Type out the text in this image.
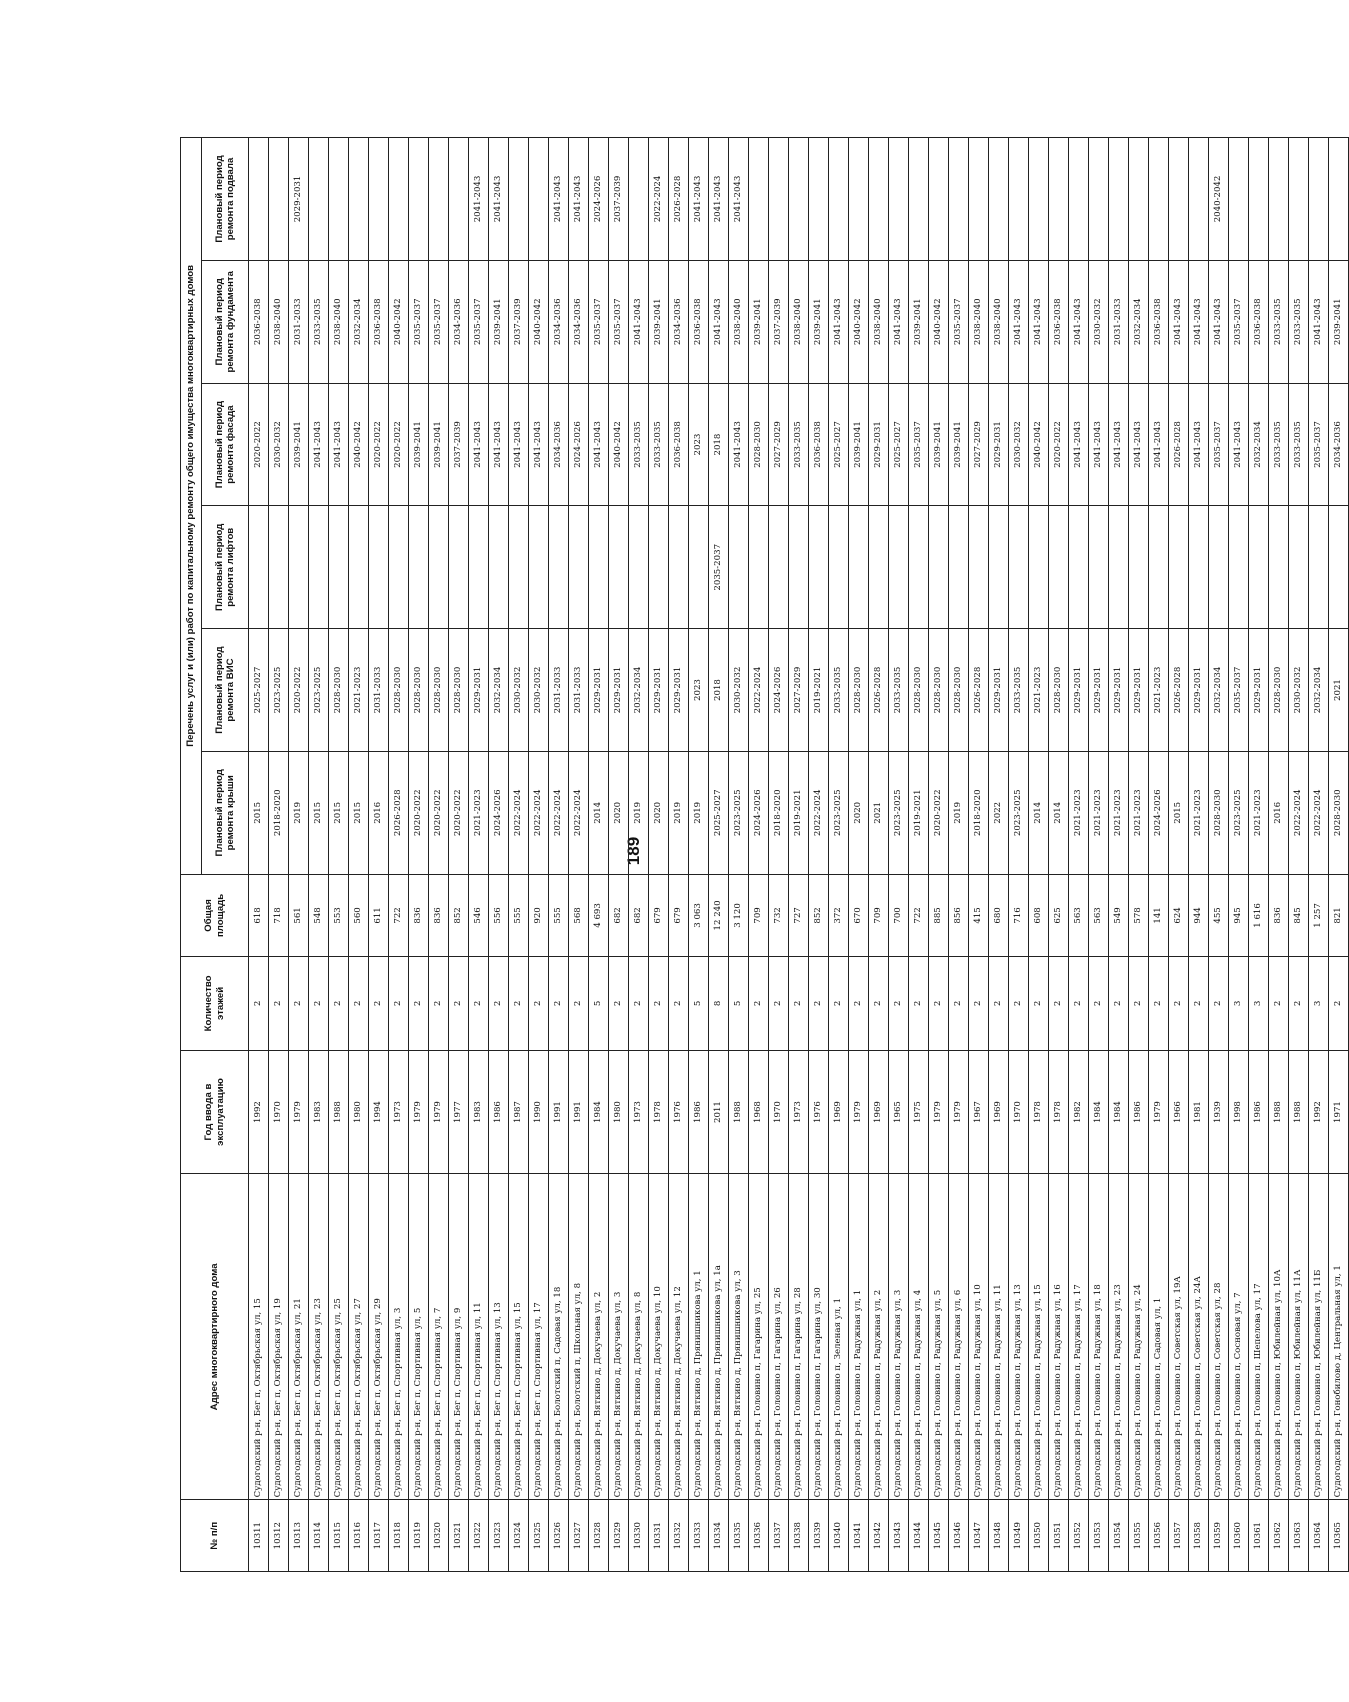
189
№ п/п	Адрес многоквартирного дома	Год ввода в эксплуатацию	Количество этажей	Общая площадь	Перечень услуг и (или) работ по капитальному ремонту общего имущества многоквартирных домов					
					Плановый период ремонта крыши	Плановый период ремонта ВИС	Плановый период ремонта лифтов	Плановый период ремонта фасада	Плановый период ремонта фундамента	Плановый период ремонта подвала
10311	Судогодский р-н, Бег п, Октябрьская ул, 15	1992	2	618	2015	2025-2027		2020-2022	2036-2038	
10312	Судогодский р-н, Бег п, Октябрьская ул, 19	1970	2	718	2018-2020	2023-2025		2030-2032	2038-2040	
10313	Судогодский р-н, Бег п, Октябрьская ул, 21	1979	2	561	2019	2020-2022		2039-2041	2031-2033	2029-2031
10314	Судогодский р-н, Бег п, Октябрьская ул, 23	1983	2	548	2015	2023-2025		2041-2043	2033-2035	
10315	Судогодский р-н, Бег п, Октябрьская ул, 25	1988	2	553	2015	2028-2030		2041-2043	2038-2040	
10316	Судогодский р-н, Бег п, Октябрьская ул, 27	1980	2	560	2015	2021-2023		2040-2042	2032-2034	
10317	Судогодский р-н, Бег п, Октябрьская ул, 29	1994	2	611	2016	2031-2033		2020-2022	2036-2038	
10318	Судогодский р-н, Бег п, Спортивная ул, 3	1973	2	722	2026-2028	2028-2030		2020-2022	2040-2042	
10319	Судогодский р-н, Бег п, Спортивная ул, 5	1979	2	836	2020-2022	2028-2030		2039-2041	2035-2037	
10320	Судогодский р-н, Бег п, Спортивная ул, 7	1979	2	836	2020-2022	2028-2030		2039-2041	2035-2037	
10321	Судогодский р-н, Бег п, Спортивная ул, 9	1977	2	852	2020-2022	2028-2030		2037-2039	2034-2036	
10322	Судогодский р-н, Бег п, Спортивная ул, 11	1983	2	546	2021-2023	2029-2031		2041-2043	2035-2037	2041-2043
10323	Судогодский р-н, Бег п, Спортивная ул, 13	1986	2	556	2024-2026	2032-2034		2041-2043	2039-2041	2041-2043
10324	Судогодский р-н, Бег п, Спортивная ул, 15	1987	2	555	2022-2024	2030-2032		2041-2043	2037-2039	
10325	Судогодский р-н, Бег п, Спортивная ул, 17	1990	2	920	2022-2024	2030-2032		2041-2043	2040-2042	
10326	Судогодский р-н, Болотский п, Садовая ул, 18	1991	2	555	2022-2024	2031-2033		2034-2036	2034-2036	2041-2043
10327	Судогодский р-н, Болотский п, Школьная ул, 8	1991	2	568	2022-2024	2031-2033		2024-2026	2034-2036	2041-2043
10328	Судогодский р-н, Вяткино д, Докучаева ул, 2	1984	5	4 693	2014	2029-2031		2041-2043	2035-2037	2024-2026
10329	Судогодский р-н, Вяткино д, Докучаева ул, 3	1980	2	682	2020	2029-2031		2040-2042	2035-2037	2037-2039
10330	Судогодский р-н, Вяткино д, Докучаева ул, 8	1973	2	682	2019	2032-2034		2033-2035	2041-2043	
10331	Судогодский р-н, Вяткино д, Докучаева ул, 10	1978	2	679	2020	2029-2031		2033-2035	2039-2041	2022-2024
10332	Судогодский р-н, Вяткино д, Докучаева ул, 12	1976	2	679	2019	2029-2031		2036-2038	2034-2036	2026-2028
10333	Судогодский р-н, Вяткино д, Прянишникова ул, 1	1986	5	3 063	2019	2023		2023	2036-2038	2041-2043
10334	Судогодский р-н, Вяткино д, Прянишникова ул, 1а	2011	8	12 240	2025-2027	2018	2035-2037	2018	2041-2043	2041-2043
10335	Судогодский р-н, Вяткино д, Прянишникова ул, 3	1988	5	3 120	2023-2025	2030-2032		2041-2043	2038-2040	2041-2043
10336	Судогодский р-н, Головино п, Гагарина ул, 25	1968	2	709	2024-2026	2022-2024		2028-2030	2039-2041	
10337	Судогодский р-н, Головино п, Гагарина ул, 26	1970	2	732	2018-2020	2024-2026		2027-2029	2037-2039	
10338	Судогодский р-н, Головино п, Гагарина ул, 28	1973	2	727	2019-2021	2027-2029		2033-2035	2038-2040	
10339	Судогодский р-н, Головино п, Гагарина ул, 30	1976	2	852	2022-2024	2019-2021		2036-2038	2039-2041	
10340	Судогодский р-н, Головино п, Зеленая ул, 1	1969	2	372	2023-2025	2033-2035		2025-2027	2041-2043	
10341	Судогодский р-н, Головино п, Радужная ул, 1	1979	2	670	2020	2028-2030		2039-2041	2040-2042	
10342	Судогодский р-н, Головино п, Радужная ул, 2	1969	2	709	2021	2026-2028		2029-2031	2038-2040	
10343	Судогодский р-н, Головино п, Радужная ул, 3	1965	2	700	2023-2025	2033-2035		2025-2027	2041-2043	
10344	Судогодский р-н, Головино п, Радужная ул, 4	1975	2	722	2019-2021	2028-2030		2035-2037	2039-2041	
10345	Судогодский р-н, Головино п, Радужная ул, 5	1979	2	885	2020-2022	2028-2030		2039-2041	2040-2042	
10346	Судогодский р-н, Головино п, Радужная ул, 6	1979	2	856	2019	2028-2030		2039-2041	2035-2037	
10347	Судогодский р-н, Головино п, Радужная ул, 10	1967	2	415	2018-2020	2026-2028		2027-2029	2038-2040	
10348	Судогодский р-н, Головино п, Радужная ул, 11	1969	2	680	2022	2029-2031		2029-2031	2038-2040	
10349	Судогодский р-н, Головино п, Радужная ул, 13	1970	2	716	2023-2025	2033-2035		2030-2032	2041-2043	
10350	Судогодский р-н, Головино п, Радужная ул, 15	1978	2	608	2014	2021-2023		2040-2042	2041-2043	
10351	Судогодский р-н, Головино п, Радужная ул, 16	1978	2	625	2014	2028-2030		2020-2022	2036-2038	
10352	Судогодский р-н, Головино п, Радужная ул, 17	1982	2	563	2021-2023	2029-2031		2041-2043	2041-2043	
10353	Судогодский р-н, Головино п, Радужная ул, 18	1984	2	563	2021-2023	2029-2031		2041-2043	2030-2032	
10354	Судогодский р-н, Головино п, Радужная ул, 23	1984	2	549	2021-2023	2029-2031		2041-2043	2031-2033	
10355	Судогодский р-н, Головино п, Радужная ул, 24	1986	2	578	2021-2023	2029-2031		2041-2043	2032-2034	
10356	Судогодский р-н, Головино п, Садовая ул, 1	1979	2	141	2024-2026	2021-2023		2041-2043	2036-2038	
10357	Судогодский р-н, Головино п, Советская ул, 19А	1966	2	624	2015	2026-2028		2026-2028	2041-2043	
10358	Судогодский р-н, Головино п, Советская ул, 24А	1981	2	944	2021-2023	2029-2031		2041-2043	2041-2043	
10359	Судогодский р-н, Головино п, Советская ул, 28	1939	2	455	2028-2030	2032-2034		2035-2037	2041-2043	2040-2042
10360	Судогодский р-н, Головино п, Сосновая ул, 7	1998	3	945	2023-2025	2035-2037		2041-2043	2035-2037	
10361	Судогодский р-н, Головино п, Шепелова ул, 17	1986	3	1 616	2021-2023	2029-2031		2032-2034	2036-2038	
10362	Судогодский р-н, Головино п, Юбилейная ул, 10А	1988	2	836	2016	2028-2030		2033-2035	2033-2035	
10363	Судогодский р-н, Головино п, Юбилейная ул, 11А	1988	2	845	2022-2024	2030-2032		2033-2035	2033-2035	
10364	Судогодский р-н, Головино п, Юбилейная ул, 11Б	1992	3	1 257	2022-2024	2032-2034		2035-2037	2041-2043	
10365	Судогодский р-н, Гонобилово д, Центральная ул, 1	1971	2	821	2028-2030	2021		2034-2036	2039-2041	
